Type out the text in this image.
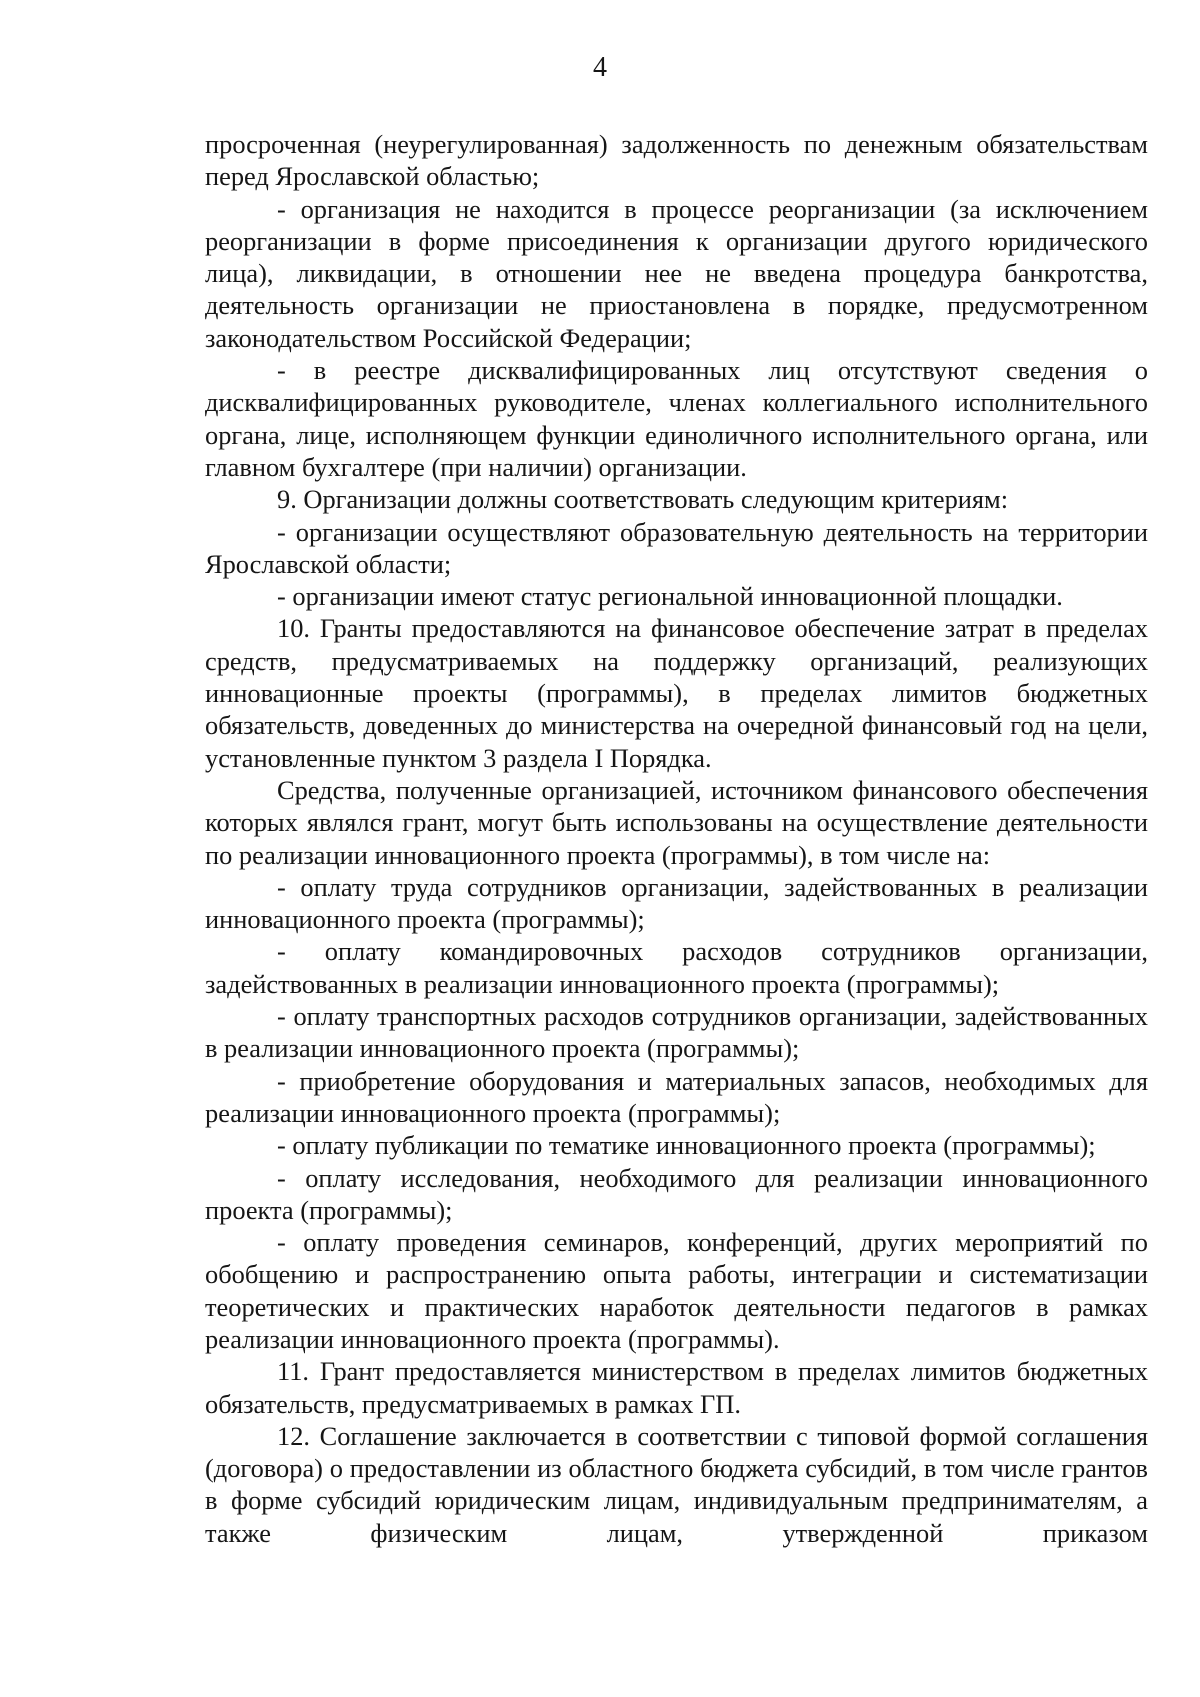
4

просроченная (неурегулированная) задолженность по денежным обязательствам перед Ярославской областью;

- организация не находится в процессе реорганизации (за исключением реорганизации в форме присоединения к организации другого юридического лица), ликвидации, в отношении нее не введена процедура банкротства, деятельность организации не приостановлена в порядке, предусмотренном законодательством Российской Федерации;

- в реестре дисквалифицированных лиц отсутствуют сведения о дисквалифицированных руководителе, членах коллегиального исполнительного органа, лице, исполняющем функции единоличного исполнительного органа, или главном бухгалтере (при наличии) организации.

9. Организации должны соответствовать следующим критериям:

- организации осуществляют образовательную деятельность на территории Ярославской области;

- организации имеют статус региональной инновационной площадки.

10. Гранты предоставляются на финансовое обеспечение затрат в пределах средств, предусматриваемых на поддержку организаций, реализующих инновационные проекты (программы), в пределах лимитов бюджетных обязательств, доведенных до министерства на очередной финансовый год на цели, установленные пунктом 3 раздела I Порядка.

Средства, полученные организацией, источником финансового обеспечения которых являлся грант, могут быть использованы на осуществление деятельности по реализации инновационного проекта (программы), в том числе на:

- оплату труда сотрудников организации, задействованных в реализации инновационного проекта (программы);

- оплату командировочных расходов сотрудников организации, задействованных в реализации инновационного проекта (программы);

- оплату транспортных расходов сотрудников организации, задействованных в реализации инновационного проекта (программы);

- приобретение оборудования и материальных запасов, необходимых для реализации инновационного проекта (программы);

- оплату публикации по тематике инновационного проекта (программы);

- оплату исследования, необходимого для реализации инновационного проекта (программы);

- оплату проведения семинаров, конференций, других мероприятий по обобщению и распространению опыта работы, интеграции и систематизации теоретических и практических наработок деятельности педагогов в рамках реализации инновационного проекта (программы).

11. Грант предоставляется министерством в пределах лимитов бюджетных обязательств, предусматриваемых в рамках ГП.

12. Соглашение заключается в соответствии с типовой формой соглашения (договора) о предоставлении из областного бюджета субсидий, в том числе грантов в форме субсидий юридическим лицам, индивидуальным предпринимателям, а также физическим лицам, утвержденной приказом
